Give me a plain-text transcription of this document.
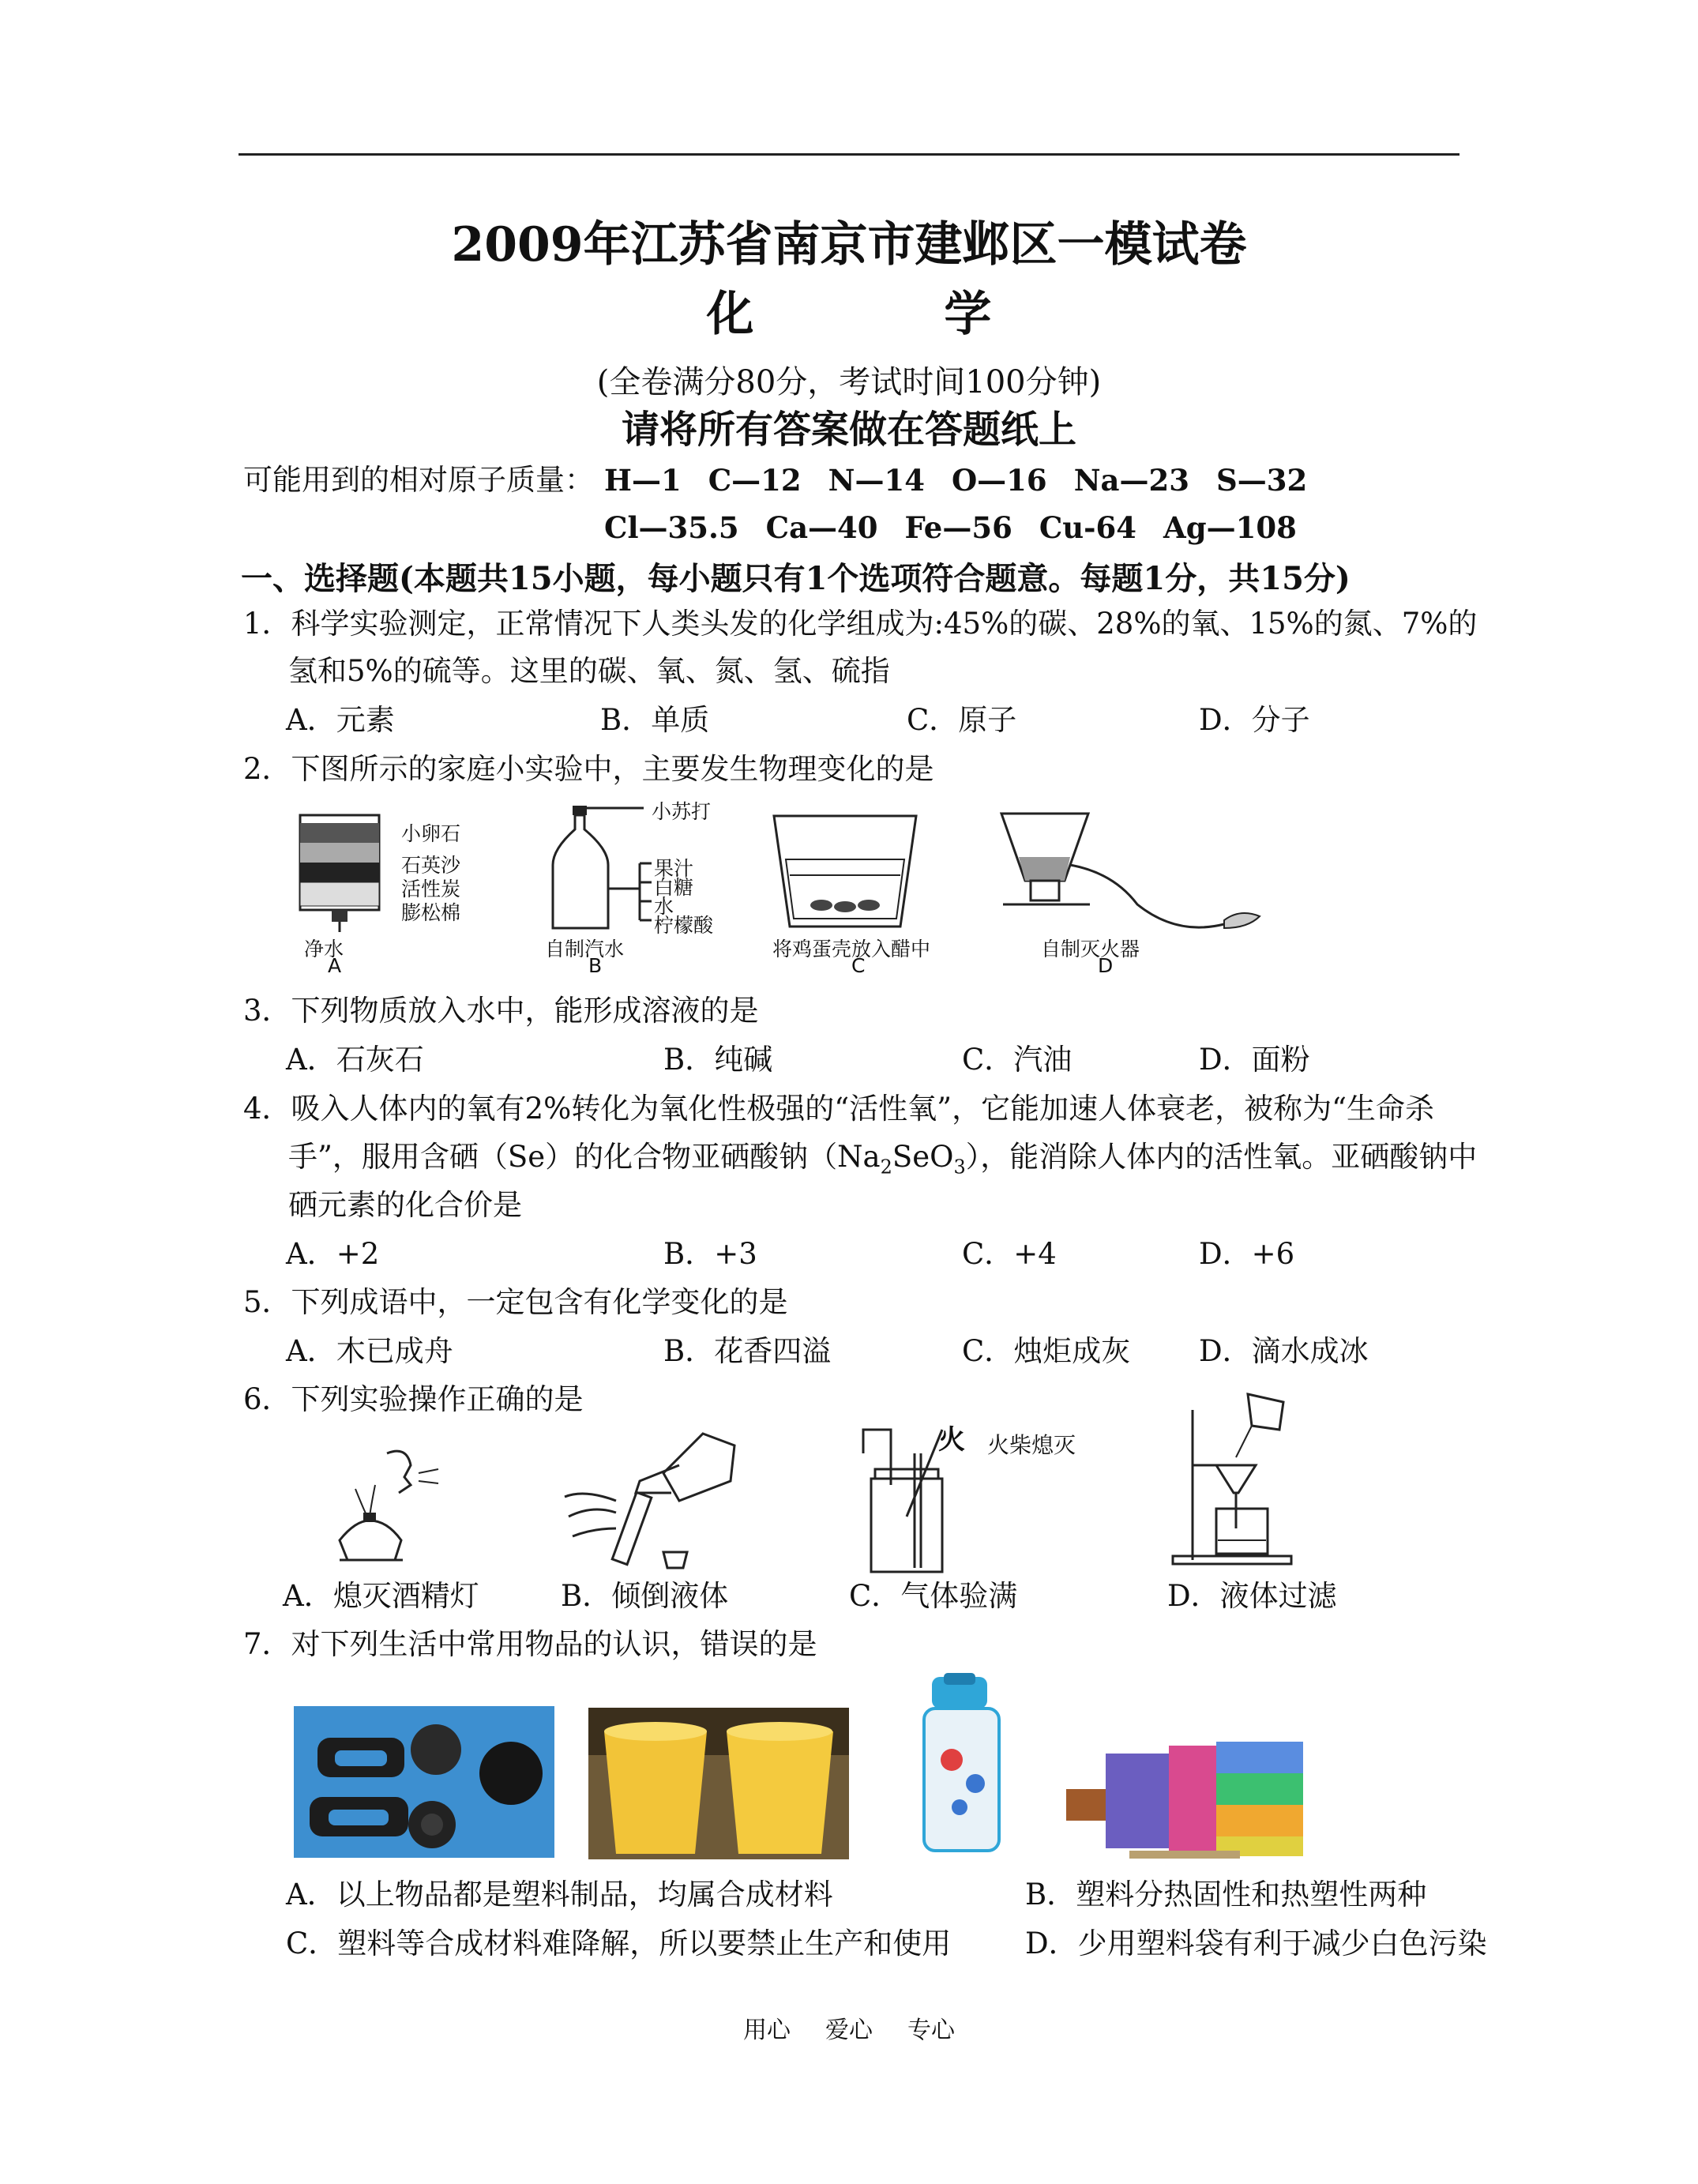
2009年江苏省南京市建邺区一模试卷
化 学
(全卷满分80分，考试时间100分钟)
请将所有答案做在答题纸上
可能用到的相对原子质量： H—1 C—12 N—14 O—16 Na—23 S—32
Cl—35.5 Ca—40 Fe—56 Cu-64 Ag—108
一、选择题(本题共15小题，每小题只有1个选项符合题意。每题1分，共15分)
1．科学实验测定，正常情况下人类头发的化学组成为:45%的碳、28%的氧、15%的氮、7%的
氢和5%的硫等。这里的碳、氧、氮、氢、硫指
A．元素	B．单质	C．原子	D．分子
2．下图所示的家庭小实验中，主要发生物理变化的是
小卵石
石英沙
活性炭
膨松棉
净水
A
小苏打
果汁
白糖
水
柠檬酸
自制汽水
B
将鸡蛋壳放入醋中
C
自制灭火器
D
3．下列物质放入水中，能形成溶液的是
A．石灰石	B．纯碱	C．汽油	D．面粉
4．吸入人体内的氧有2%转化为氧化性极强的“活性氧”，它能加速人体衰老，被称为“生命杀
手”，服用含硒（Se）的化合物亚硒酸钠$(Na_2SeO_3)$，能消除人体内的活性氧。亚硒酸钠中
硒元素的化合价是
A．+2	B．+3	C．+4	D．+6
5．下列成语中，一定包含有化学变化的是
A．木已成舟	B．花香四溢	C．烛炬成灰 D．滴水成冰
6．下列实验操作正确的是
火 火柴熄灭
A．熄灭酒精灯	B．倾倒液体	C．气体验满	D．液体过滤
7．对下列生活中常用物品的认识，错误的是
A．以上物品都是塑料制品，均属合成材料	B．塑料分热固性和热塑性两种
C．塑料等合成材料难降解，所以要禁止生产和使用	D．少用塑料袋有利于减少白色污染
用心 爱心 专心
